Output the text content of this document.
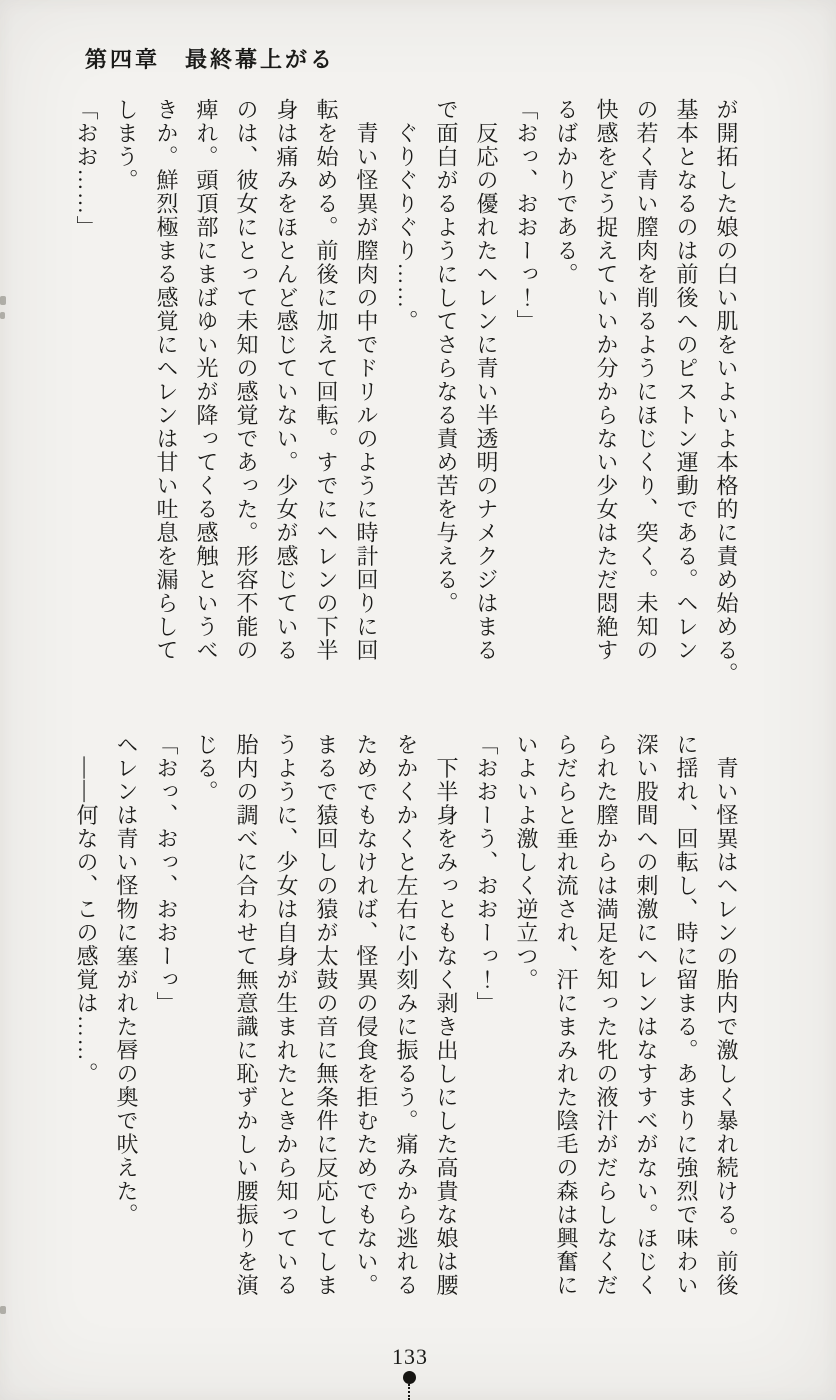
第四章　最終幕上がる
が開拓した娘の白い肌をいよいよ本格的に責め始める。
基本となるのは前後へのピストン運動である。ヘレン
の若く青い膣肉を削るようにほじくり、突く。未知の
快感をどう捉えていいか分からない少女はただ悶絶す
るばかりである。
「おっ、おおーっ！」
　反応の優れたヘレンに青い半透明のナメクジはまる
で面白がるようにしてさらなる責め苦を与える。
　ぐりぐりぐり……。
　青い怪異が膣肉の中でドリルのように時計回りに回
転を始める。前後に加えて回転。すでにヘレンの下半
身は痛みをほとんど感じていない。少女が感じている
のは、彼女にとって未知の感覚であった。形容不能の
痺れ。頭頂部にまばゆい光が降ってくる感触というべ
きか。鮮烈極まる感覚にヘレンは甘い吐息を漏らして
しまう。
「おお……」
　青い怪異はヘレンの胎内で激しく暴れ続ける。前後
に揺れ、回転し、時に留まる。あまりに強烈で味わい
深い股間への刺激にヘレンはなすすべがない。ほじく
られた膣からは満足を知った牝の液汁がだらしなくだ
らだらと垂れ流され、汗にまみれた陰毛の森は興奮に
いよいよ激しく逆立つ。
「おおーう、おおーっ！」
　下半身をみっともなく剥き出しにした高貴な娘は腰
をかくかくと左右に小刻みに振るう。痛みから逃れる
ためでもなければ、怪異の侵食を拒むためでもない。
まるで猿回しの猿が太鼓の音に無条件に反応してしま
うように、少女は自身が生まれたときから知っている
胎内の調べに合わせて無意識に恥ずかしい腰振りを演
じる。
「おっ、おっ、おおーっ」
ヘレンは青い怪物に塞がれた唇の奥で吠えた。
　——何なの、この感覚は……。
133
